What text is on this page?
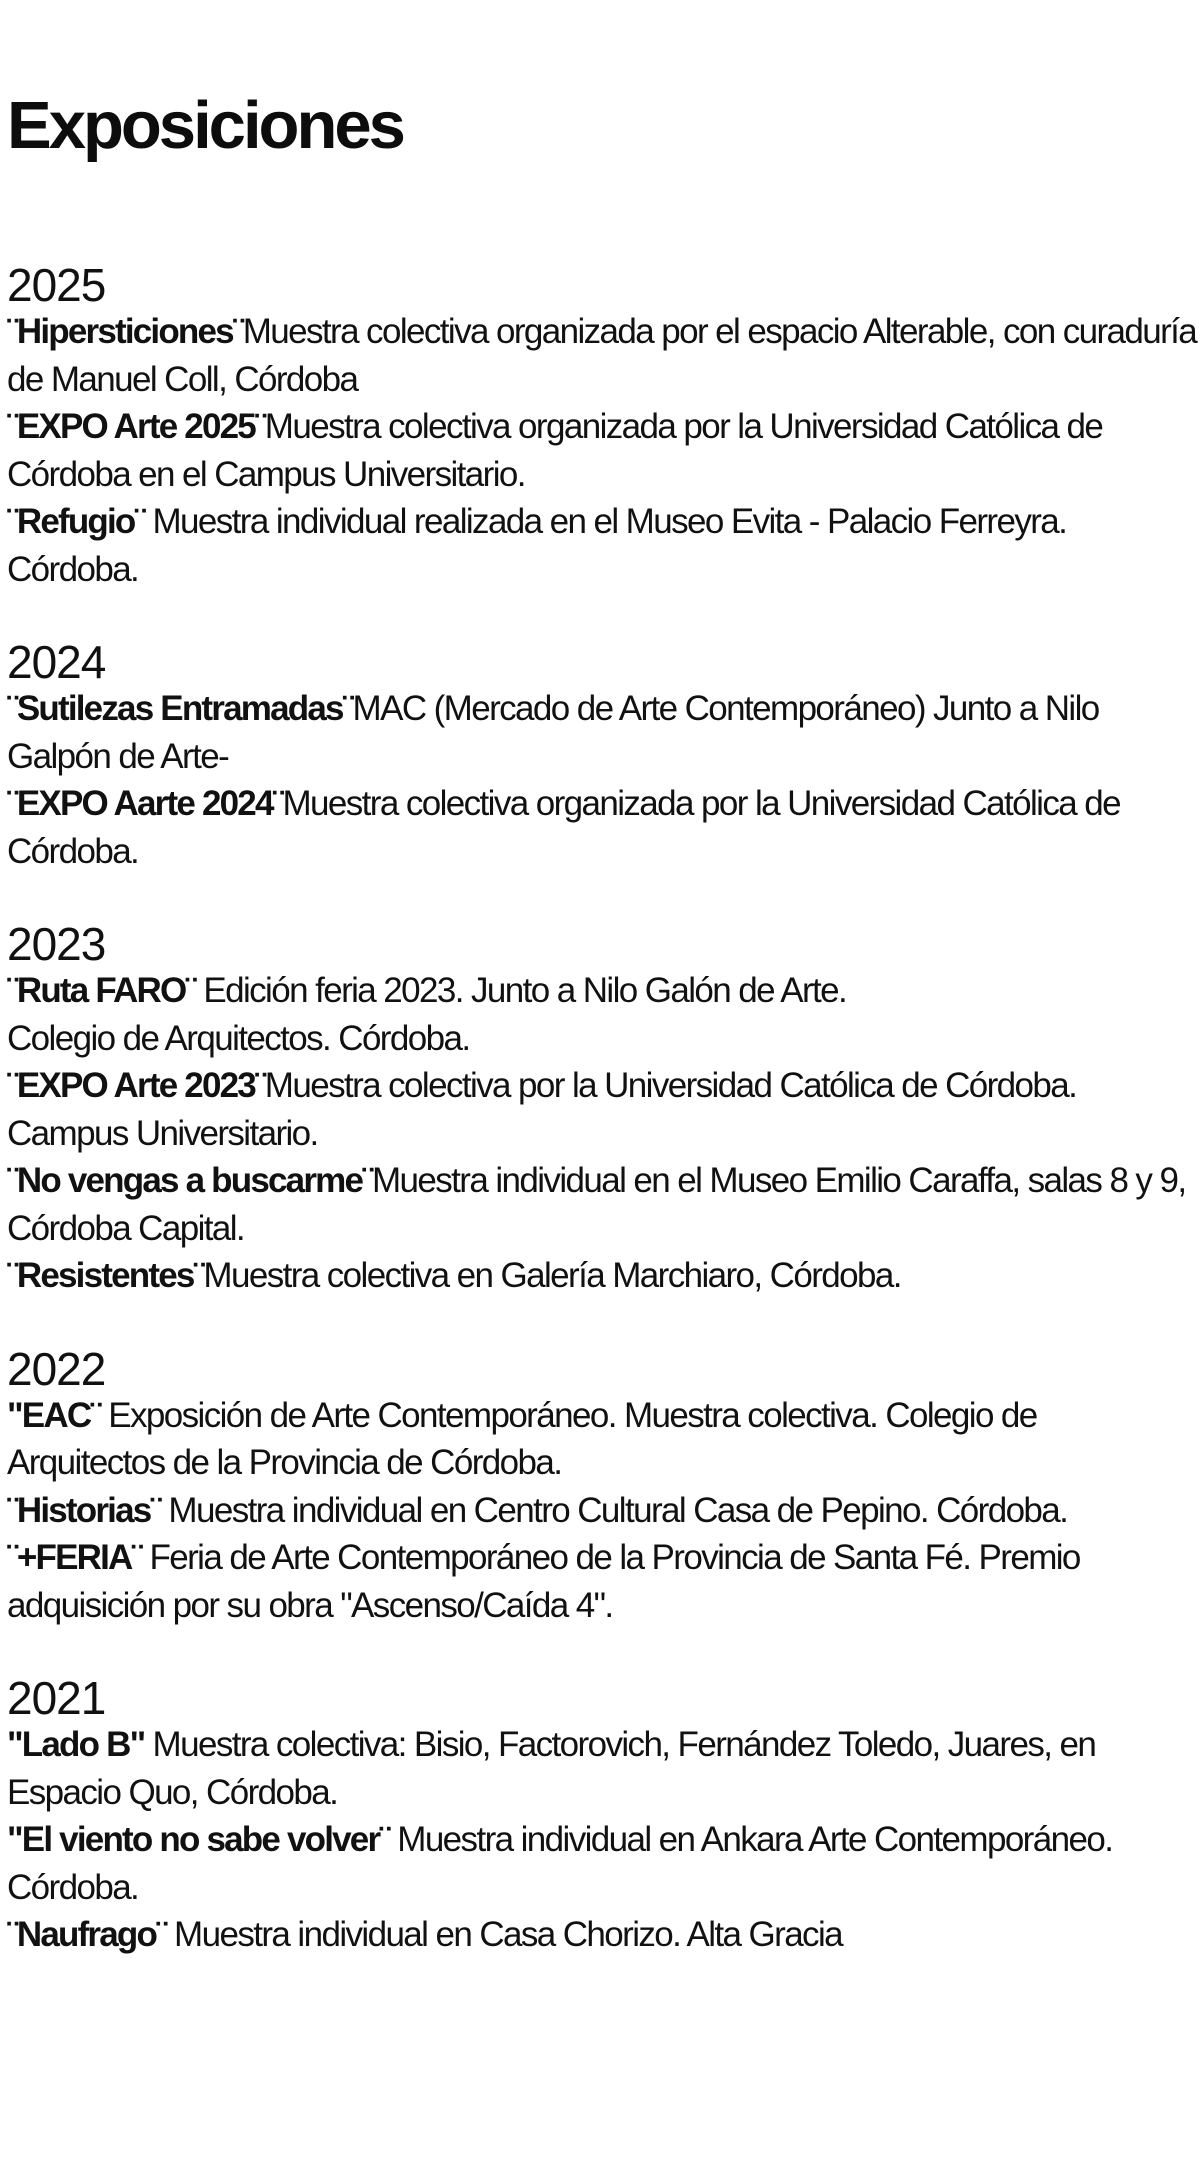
Exposiciones
2025

¨Hipersticiones¨Muestra colectiva organizada por el espacio Alterable, con curaduría de Manuel Coll, Córdoba

¨EXPO Arte 2025¨Muestra colectiva organizada por la Universidad Católica de Córdoba en el Campus Universitario.

¨Refugio¨ Muestra individual realizada en el Museo Evita - Palacio Ferreyra. Córdoba.

2024

¨Sutilezas Entramadas¨MAC (Mercado de Arte Contemporáneo) Junto a Nilo Galpón de Arte-

¨EXPO Aarte 2024¨Muestra colectiva organizada por la Universidad Católica de Córdoba.

2023

¨Ruta FARO¨ Edición feria 2023. Junto a Nilo Galón de Arte.
Colegio de Arquitectos. Córdoba.

¨EXPO Arte 2023¨Muestra colectiva por la Universidad Católica de Córdoba. Campus Universitario.

¨No vengas a buscarme¨Muestra individual en el Museo Emilio Caraffa, salas 8 y 9, Córdoba Capital.

¨Resistentes¨Muestra colectiva en Galería Marchiaro, Córdoba.

2022

"EAC¨ Exposición de Arte Contemporáneo. Muestra colectiva. Colegio de Arquitectos de la Provincia de Córdoba.

¨Historias¨ Muestra individual en Centro Cultural Casa de Pepino. Córdoba.

¨+FERIA¨ Feria de Arte Contemporáneo de la Provincia de Santa Fé. Premio adquisición por su obra "Ascenso/Caída 4".

2021

"Lado B" Muestra colectiva: Bisio, Factorovich, Fernández Toledo, Juares, en Espacio Quo, Córdoba.

"El viento no sabe volver¨ Muestra individual en Ankara Arte Contemporáneo. Córdoba.

¨Naufrago¨ Muestra individual en Casa Chorizo. Alta Gracia
